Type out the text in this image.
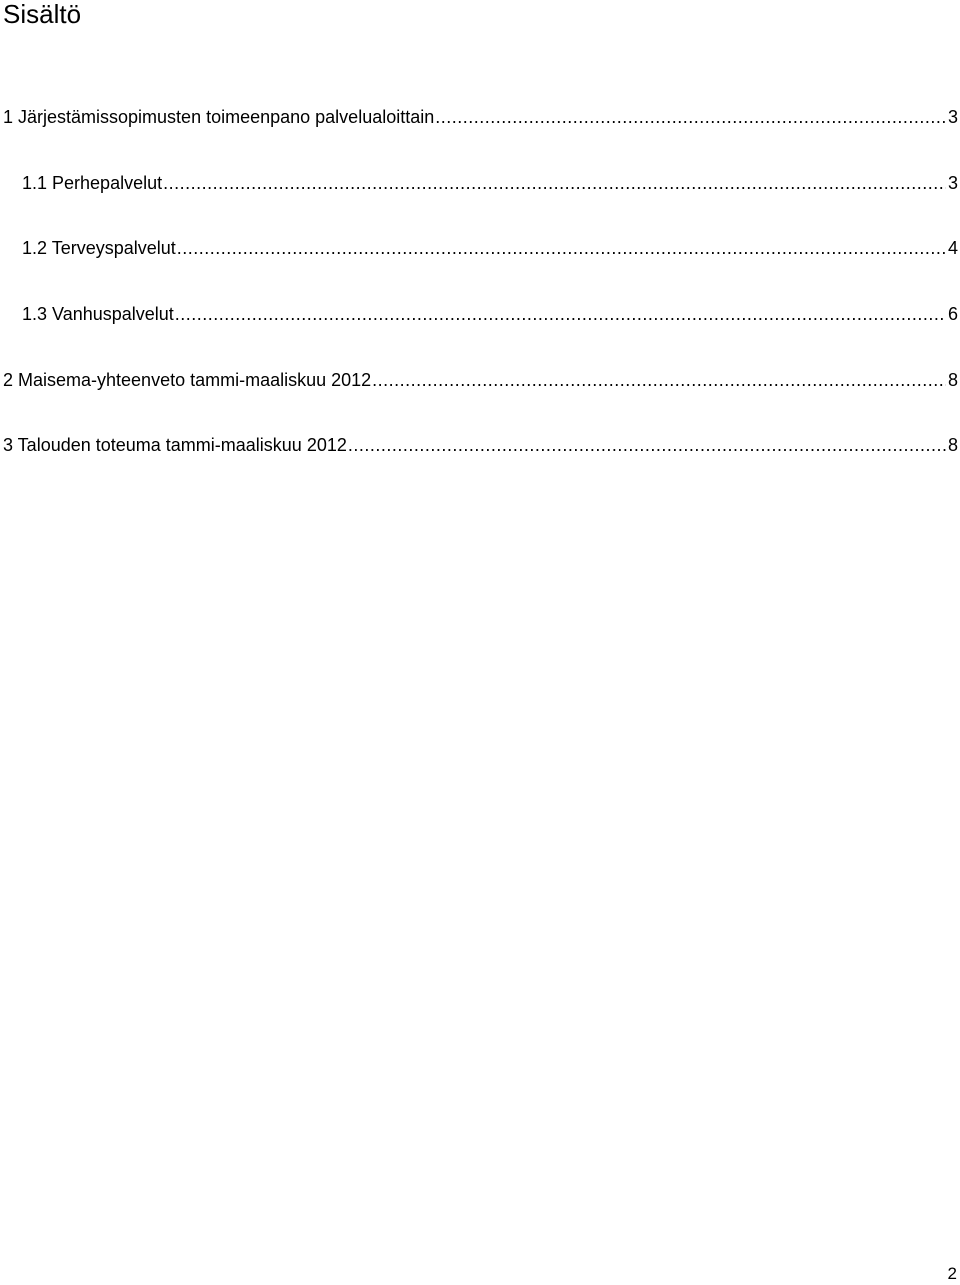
Sisältö
1 Järjestämissopimusten toimeenpano palvelualoittain .....	3
1.1 Perhepalvelut .....	3
1.2 Terveyspalvelut .....	4
1.3 Vanhuspalvelut .....	6
2 Maisema-yhteenveto tammi-maaliskuu 2012 .....	8
3 Talouden toteuma tammi-maaliskuu 2012 .....	8
2
